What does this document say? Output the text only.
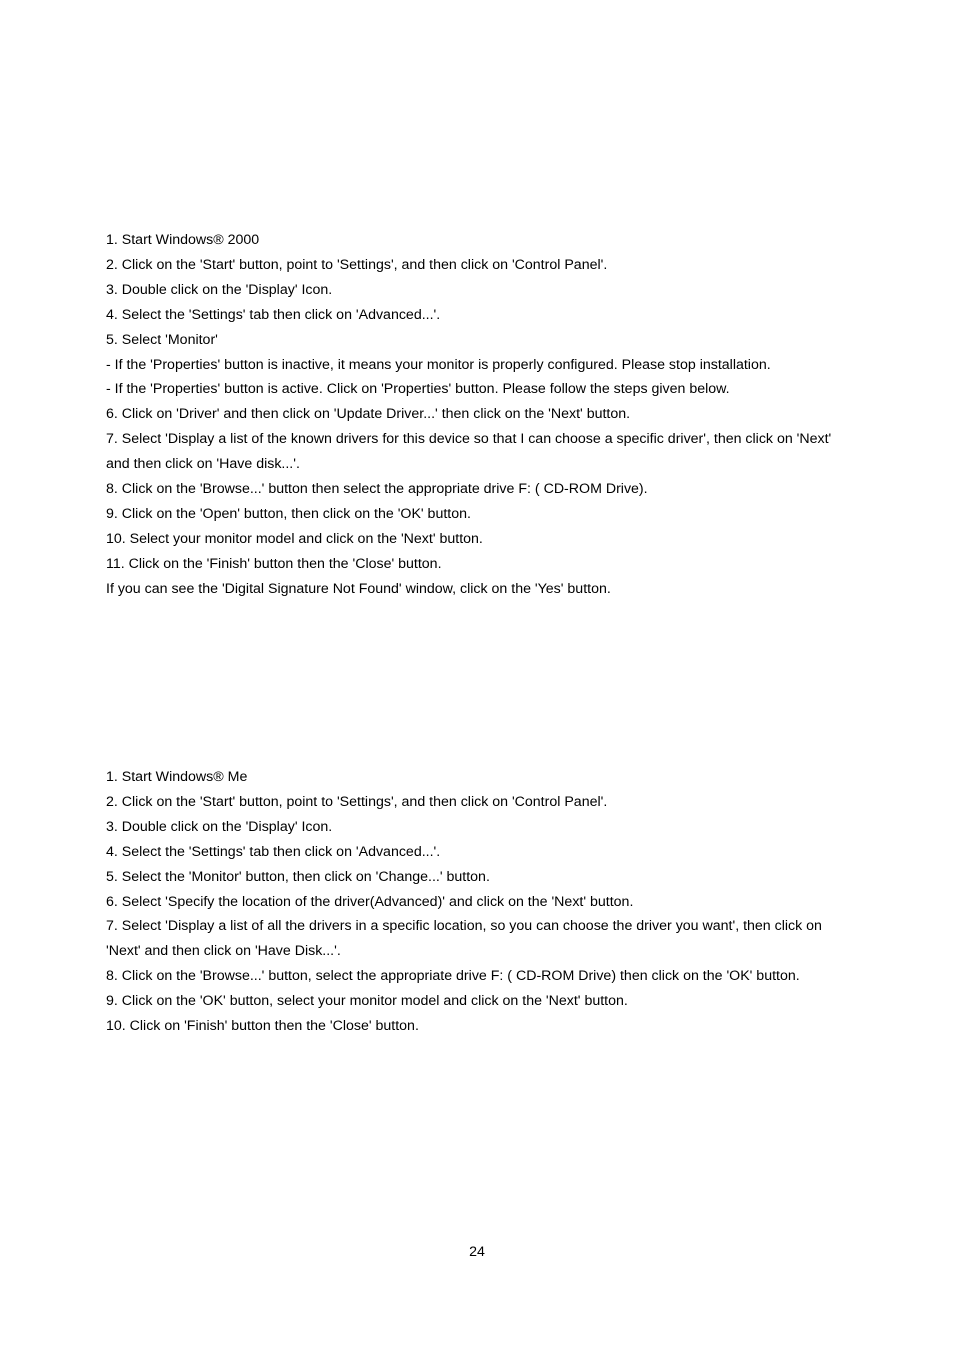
1. Start Windows® 2000
2. Click on the 'Start' button, point to 'Settings', and then click on 'Control Panel'.
3. Double click on the 'Display' Icon.
4. Select the 'Settings' tab then click on 'Advanced...'.
5. Select 'Monitor'
- If the 'Properties' button is inactive, it means your monitor is properly configured. Please stop installation.
- If the 'Properties' button is active. Click on 'Properties' button. Please follow the steps given below.
6. Click on 'Driver' and then click on 'Update Driver...' then click on the 'Next' button.
7. Select 'Display a list of the known drivers for this device so that I can choose a specific driver', then click on 'Next'
and then click on 'Have disk...'.
8. Click on the 'Browse...' button then select the appropriate drive F: ( CD-ROM Drive).
9. Click on the 'Open' button, then click on the 'OK' button.
10. Select your monitor model and click on the 'Next' button.
11. Click on the 'Finish' button then the 'Close' button.
If you can see the 'Digital Signature Not Found' window, click on the 'Yes' button.
1. Start Windows® Me
2. Click on the 'Start' button, point to 'Settings', and then click on 'Control Panel'.
3. Double click on the 'Display' Icon.
4. Select the 'Settings' tab then click on 'Advanced...'.
5. Select the 'Monitor' button, then click on 'Change...' button.
6. Select 'Specify the location of the driver(Advanced)' and click on the 'Next' button.
7. Select 'Display a list of all the drivers in a specific location, so you can choose the driver you want', then click on
'Next' and then click on 'Have Disk...'.
8. Click on the 'Browse...' button, select the appropriate drive F: ( CD-ROM Drive) then click on the 'OK' button.
9. Click on the 'OK' button, select your monitor model and click on the 'Next' button.
10. Click on 'Finish' button then the 'Close' button.
24
